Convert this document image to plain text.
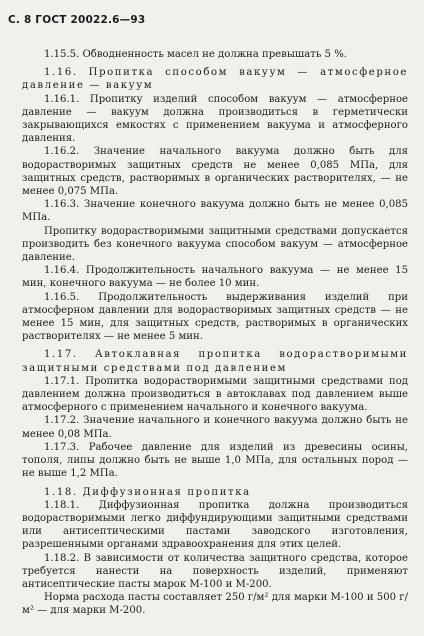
С. 8 ГОСТ 20022.6—93

1.15.5. Обводненность масел не должна превышать 5 %.

1.16. Пропитка способом вакуум — атмосферное давление — вакуум

1.16.1. Пропитку изделий способом вакуум — атмосферное давление — вакуум должна производиться в герметически закрывающихся емкостях с применением вакуума и атмосферного давления.

1.16.2. Значение начального вакуума должно быть для водорастворимых защитных средств не менее 0,085 МПа, для защитных средств, растворимых в органических растворителях, — не менее 0,075 МПа.

1.16.3. Значение конечного вакуума должно быть не менее 0,085 МПа.

Пропитку водорастворимыми защитными средствами допускается производить без конечного вакуума способом вакуум — атмосферное давление.

1.16.4. Продолжительность начального вакуума — не менее 15 мин, конечного вакуума — не более 10 мин.

1.16.5. Продолжительность выдерживания изделий при атмосферном давлении для водорастворимых защитных средств — не менее 15 мин, для защитных средств, растворимых в органических растворителях — не менее 5 мин.

1.17. Автоклавная пропитка водорастворимыми защитными средствами под давлением

1.17.1. Пропитка водорастворимыми защитными средствами под давлением должна производиться в автоклавах под давлением выше атмосферного с применением начального и конечного вакуума.

1.17.2. Значение начального и конечного вакуума должно быть не менее 0,08 МПа.

1.17.3. Рабочее давление для изделий из древесины осины, тополя, липы должно быть не выше 1,0 МПа, для остальных пород — не выше 1,2 МПа.

1.18. Диффузионная пропитка

1.18.1. Диффузионная пропитка должна производиться водорастворимыми легко диффундирующими защитными средствами или антисептическими пастами заводского изготовления, разрешенными органами здравоохранения для этих целей.

1.18.2. В зависимости от количества защитного средства, которое требуется нанести на поверхность изделий, применяют антисептические пасты марок М-100 и М-200.

Норма расхода пасты составляет 250 г/м² для марки М-100 и 500 г/м² — для марки М-200.
